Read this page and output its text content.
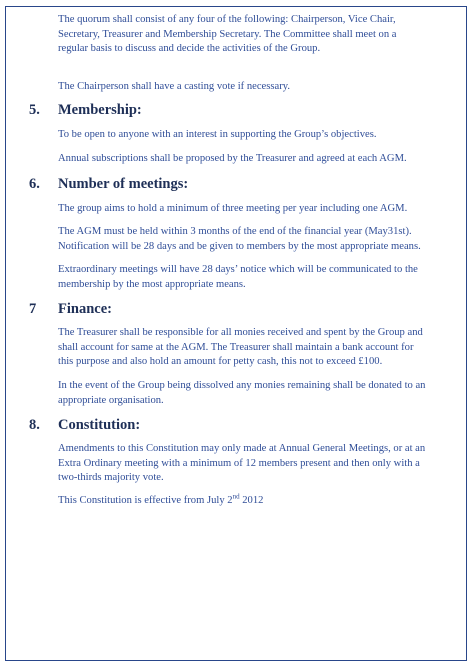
The quorum shall consist of any four of the following: Chairperson, Vice Chair,
Secretary, Treasurer and Membership Secretary. The Committee shall meet on a
regular basis to discuss and decide the activities of the Group.
The Chairperson shall have a casting vote if necessary.
5. Membership:
To be open to anyone with an interest in supporting the Group’s objectives.
Annual subscriptions shall be proposed by the Treasurer and agreed at each AGM.
6. Number of meetings:
The group aims to hold a minimum of three meeting per year including one AGM.
The AGM must be held within 3 months of the end of the financial year (May31st).
Notification will be 28 days and be given to members by the most appropriate means.
Extraordinary meetings will have 28 days’ notice which will be communicated to the
membership by the most appropriate means.
7 Finance:
The Treasurer shall be responsible for all monies received and spent by the Group and
shall account for same at the AGM. The Treasurer shall maintain a bank account for
this purpose and also hold an amount for petty cash, this not to exceed £100.
In the event of the Group being dissolved any monies remaining shall be donated to an
appropriate organisation.
8. Constitution:
Amendments to this Constitution may only made at Annual General Meetings, or at an
Extra Ordinary meeting with a minimum of 12 members present and then only with a
two-thirds majority vote.
This Constitution is effective from July 2nd 2012
